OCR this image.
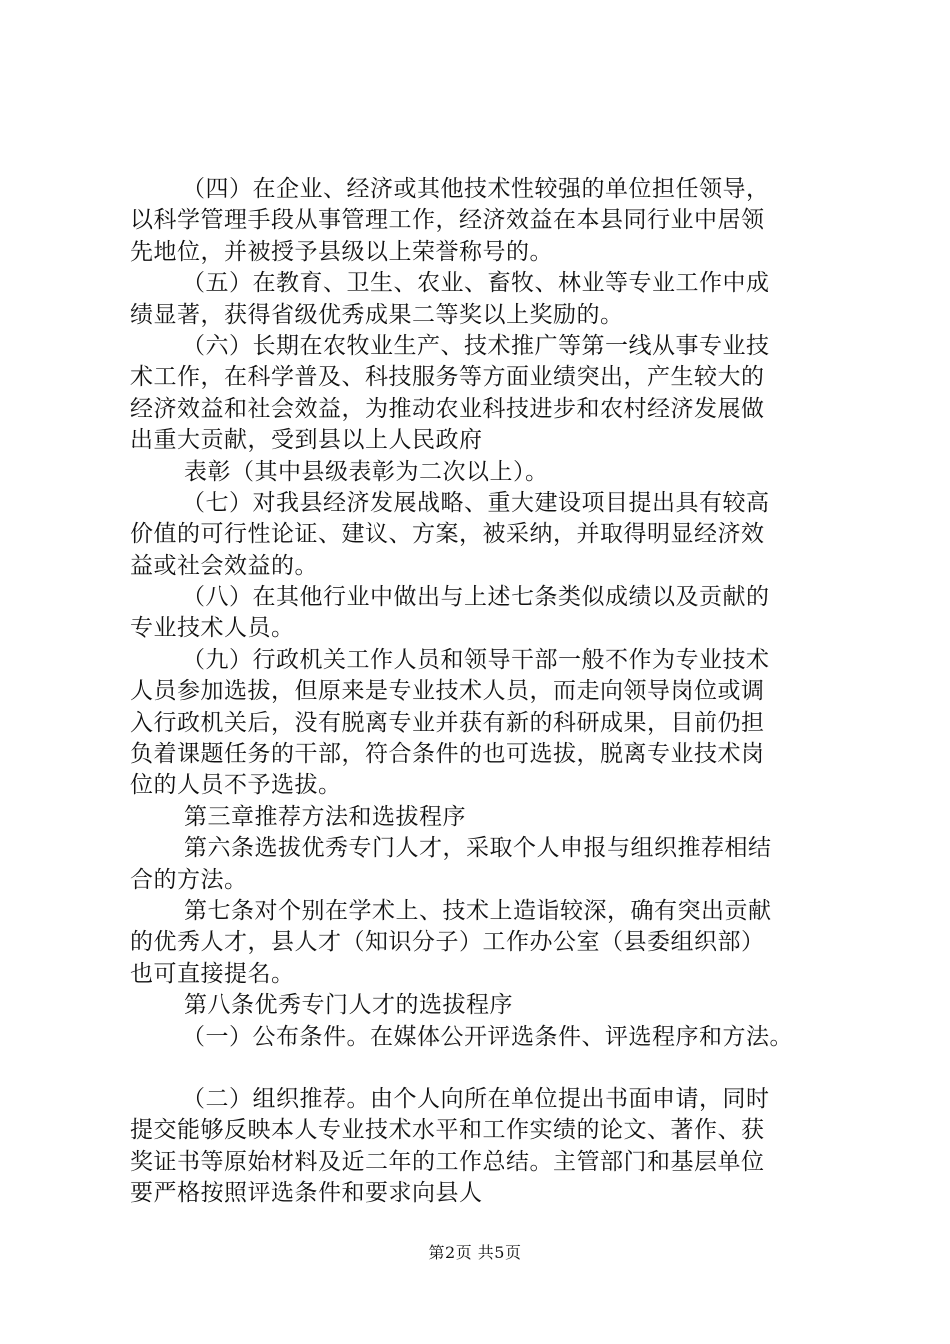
（四）在企业、经济或其他技术性较强的单位担任领导，
以科学管理手段从事管理工作，经济效益在本县同行业中居领
先地位，并被授予县级以上荣誉称号的。
（五）在教育、卫生、农业、畜牧、林业等专业工作中成
绩显著，获得省级优秀成果二等奖以上奖励的。
（六）长期在农牧业生产、技术推广等第一线从事专业技
术工作，在科学普及、科技服务等方面业绩突出，产生较大的
经济效益和社会效益，为推动农业科技进步和农村经济发展做
出重大贡献，受到县以上人民政府
表彰（其中县级表彰为二次以上）。
（七）对我县经济发展战略、重大建设项目提出具有较高
价值的可行性论证、建议、方案，被采纳，并取得明显经济效
益或社会效益的。
（八）在其他行业中做出与上述七条类似成绩以及贡献的
专业技术人员。
（九）行政机关工作人员和领导干部一般不作为专业技术
人员参加选拔，但原来是专业技术人员，而走向领导岗位或调
入行政机关后，没有脱离专业并获有新的科研成果，目前仍担
负着课题任务的干部，符合条件的也可选拔，脱离专业技术岗
位的人员不予选拔。
第三章推荐方法和选拔程序
第六条选拔优秀专门人才，采取个人申报与组织推荐相结
合的方法。
第七条对个别在学术上、技术上造诣较深，确有突出贡献
的优秀人才，县人才（知识分子）工作办公室（县委组织部）
也可直接提名。
第八条优秀专门人才的选拔程序
（一）公布条件。在媒体公开评选条件、评选程序和方法。
（二）组织推荐。由个人向所在单位提出书面申请，同时
提交能够反映本人专业技术水平和工作实绩的论文、著作、获
奖证书等原始材料及近二年的工作总结。主管部门和基层单位
要严格按照评选条件和要求向县人
第2页 共5页
